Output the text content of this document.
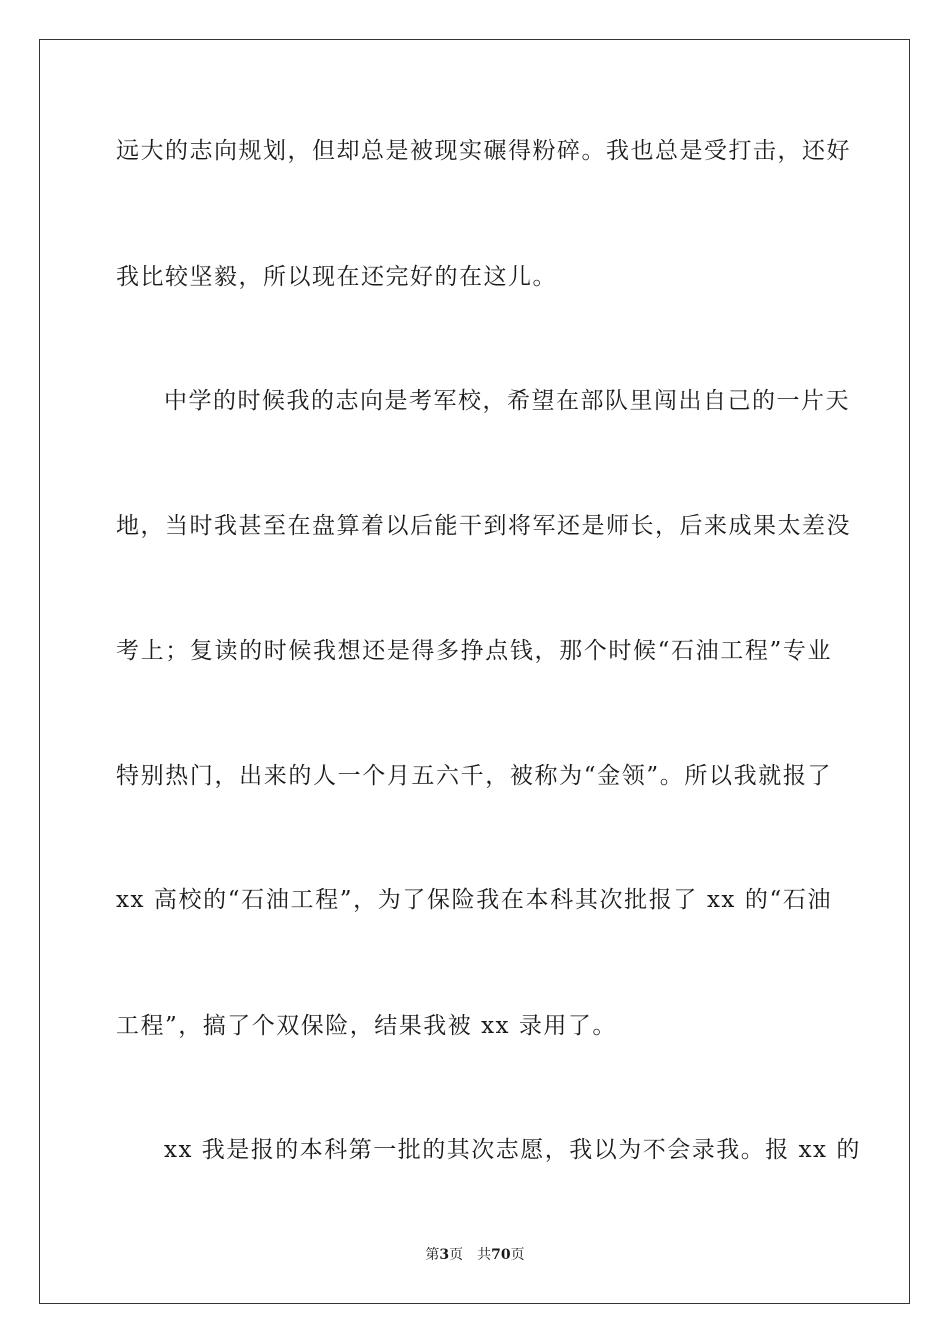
远大的志向规划，但却总是被现实碾得粉碎。我也总是受打击，还好
我比较坚毅，所以现在还完好的在这儿。
中学的时候我的志向是考军校，希望在部队里闯出自己的一片天
地，当时我甚至在盘算着以后能干到将军还是师长，后来成果太差没
考上；复读的时候我想还是得多挣点钱，那个时候“石油工程”专业
特别热门，出来的人一个月五六千，被称为“金领”。所以我就报了
xx 高校的“石油工程”，为了保险我在本科其次批报了 xx 的“石油
工程”，搞了个双保险，结果我被 xx 录用了。
xx 我是报的本科第一批的其次志愿，我以为不会录我。报 xx 的
第3页 共70页
